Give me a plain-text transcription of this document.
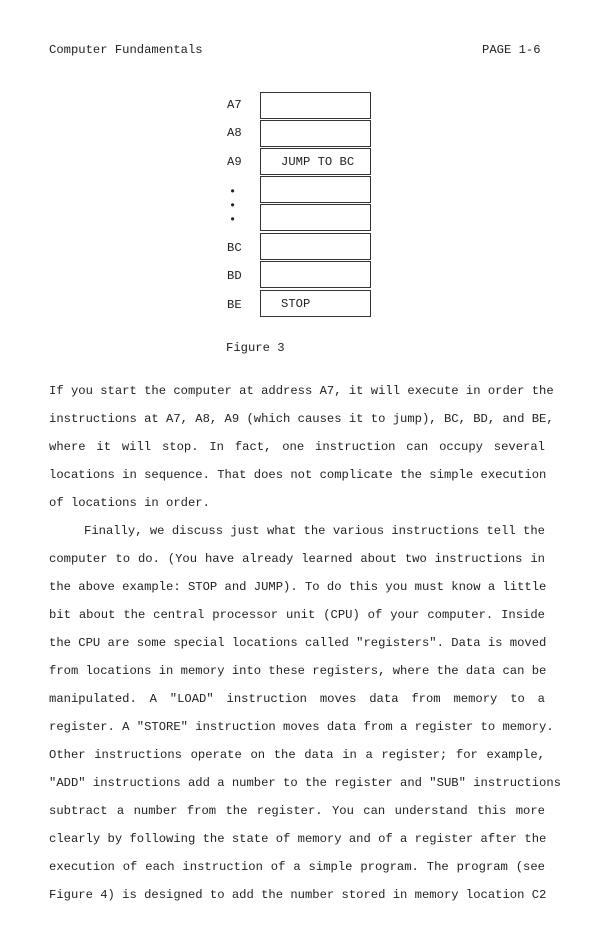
Computer Fundamentals	PAGE 1-6
A7
A8
A9
•
•
•
BC
BD
BE
JUMP TO BC
STOP
Figure 3
If you start the computer at address A7, it will execute in order the
instructions at A7, A8, A9 (which causes it to jump), BC, BD, and BE,
where it will stop. In fact, one instruction can occupy several
locations in sequence. That does not complicate the simple execution
of locations in order.
Finally, we discuss just what the various instructions tell the
computer to do. (You have already learned about two instructions in
the above example: STOP and JUMP). To do this you must know a little
bit about the central processor unit (CPU) of your computer. Inside
the CPU are some special locations called "registers". Data is moved
from locations in memory into these registers, where the data can be
manipulated. A "LOAD" instruction moves data from memory to a
register. A "STORE" instruction moves data from a register to memory.
Other instructions operate on the data in a register; for example,
"ADD" instructions add a number to the register and "SUB" instructions
subtract a number from the register. You can understand this more
clearly by following the state of memory and of a register after the
execution of each instruction of a simple program. The program (see
Figure 4) is designed to add the number stored in memory location C2
